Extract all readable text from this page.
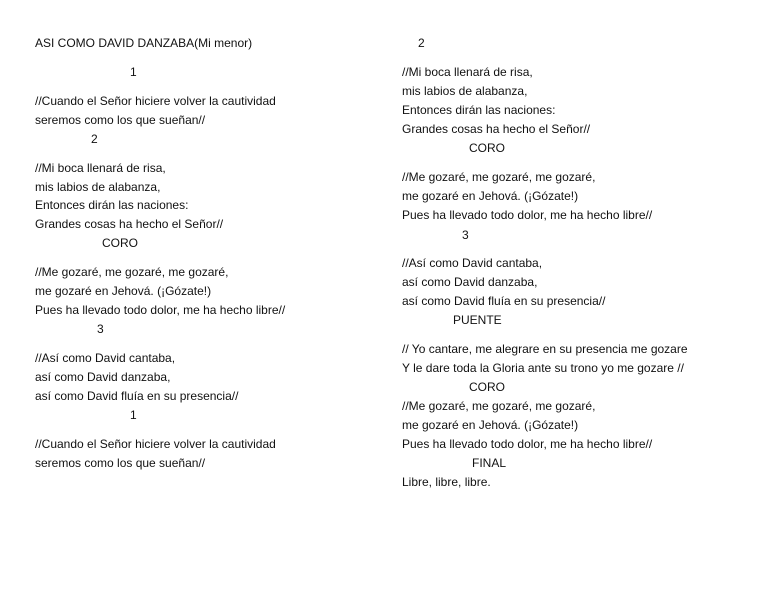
ASI COMO DAVID DANZABA(Mi menor)
1
//Cuando el Señor hiciere volver la cautividad
seremos como los que sueñan//
2
//Mi boca llenará de risa,
mis labios de alabanza,
Entonces dirán las naciones:
Grandes cosas ha hecho el Señor//
CORO
//Me gozaré, me gozaré, me gozaré,
me gozaré en Jehová. (¡Gózate!)
Pues ha llevado todo dolor, me ha hecho libre//
3
//Así como David cantaba,
así como David danzaba,
así como David fluía en su presencia//
1
//Cuando el Señor hiciere volver la cautividad
seremos como los que sueñan//
2
//Mi boca llenará de risa,
mis labios de alabanza,
Entonces dirán las naciones:
Grandes cosas ha hecho el Señor//
CORO
//Me gozaré, me gozaré, me gozaré,
me gozaré en Jehová. (¡Gózate!)
Pues ha llevado todo dolor, me ha hecho libre//
3
//Así como David cantaba,
así como David danzaba,
así como David fluía en su presencia//
PUENTE
// Yo cantare, me alegrare en su presencia me gozare
Y le dare toda la Gloria ante su trono yo me gozare //
CORO
//Me gozaré, me gozaré, me gozaré,
me gozaré en Jehová. (¡Gózate!)
Pues ha llevado todo dolor, me ha hecho libre//
FINAL
Libre, libre, libre.
